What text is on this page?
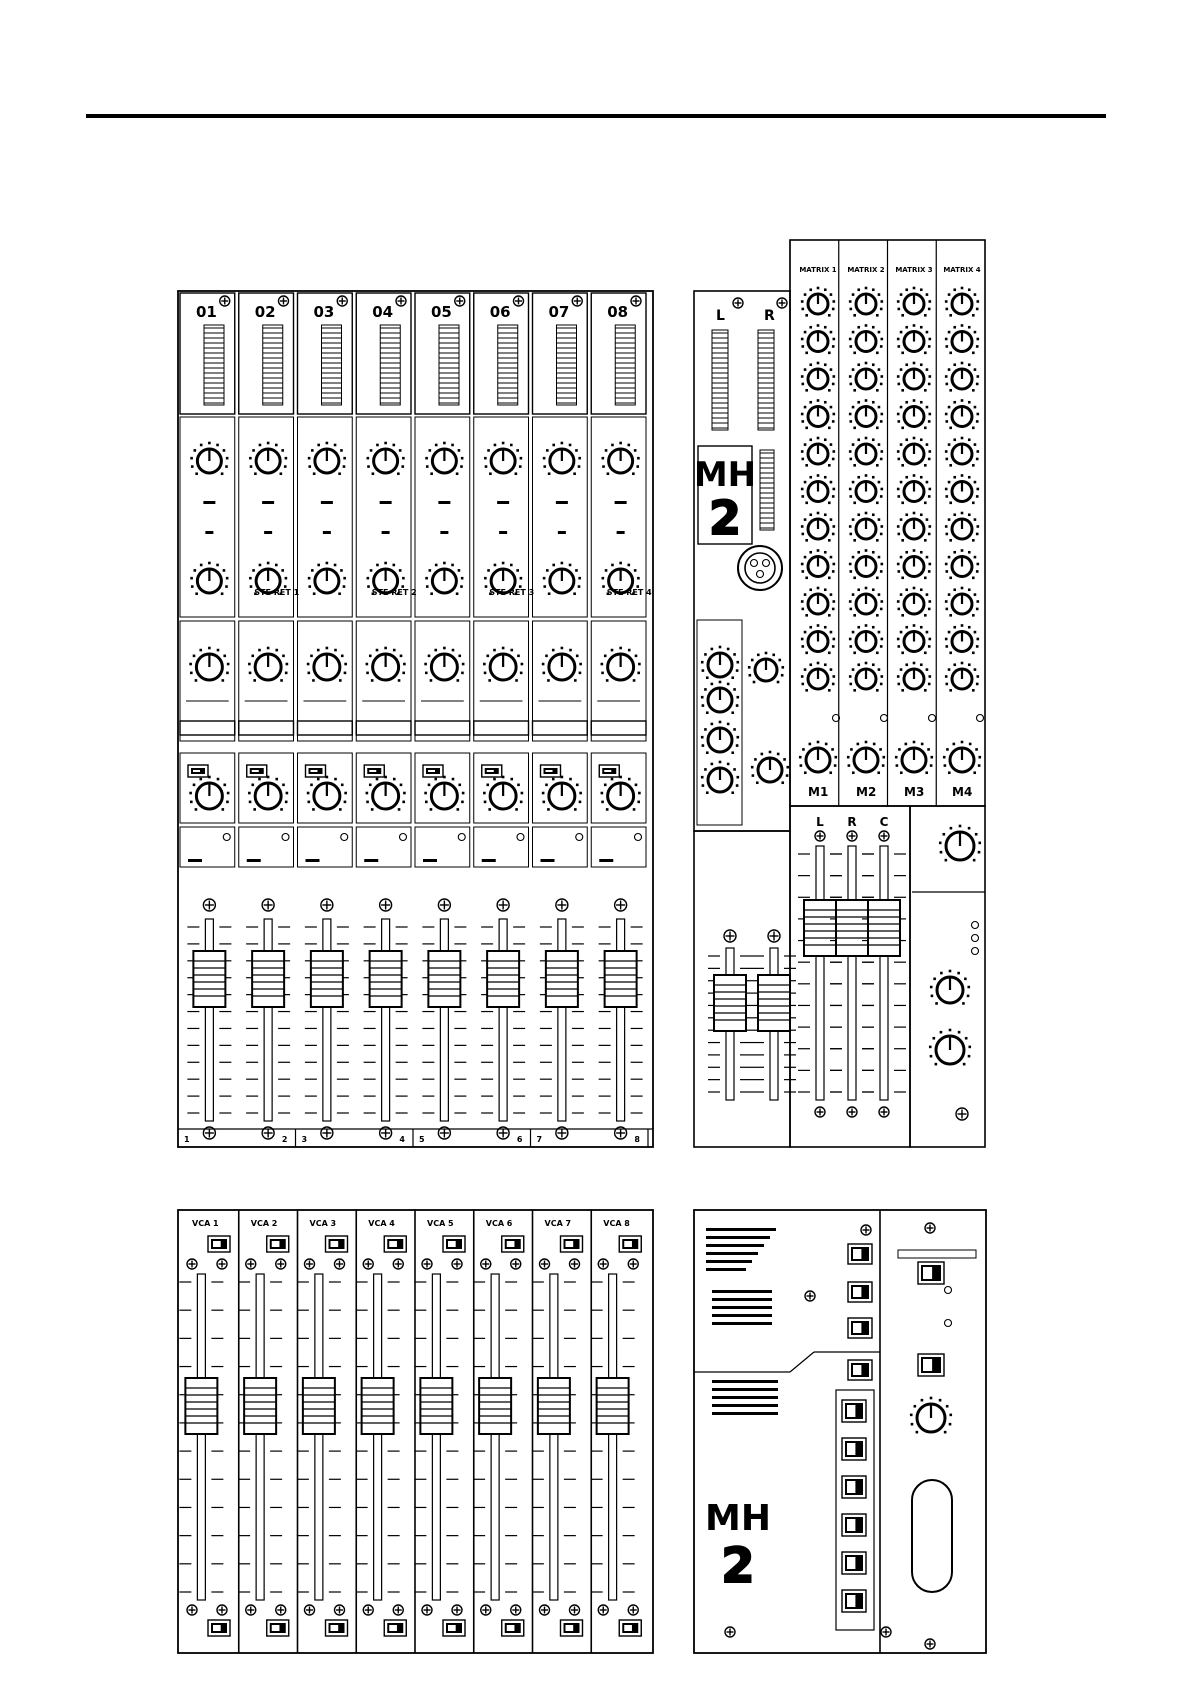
01	02	03	04	05	06	07	08
STE RET 1	STE RET 2	STE RET 3	STE RET 4
1	2 3	4 5	6 7	8
L	R
MH
2
MATRIX 1
M1
MATRIX 2
M2
MATRIX 3
M3
MATRIX 4
M4
L R C
VCA 1	VCA 2	VCA 3	VCA 4	VCA 5	VCA 6	VCA 7	VCA 8
MH
2
